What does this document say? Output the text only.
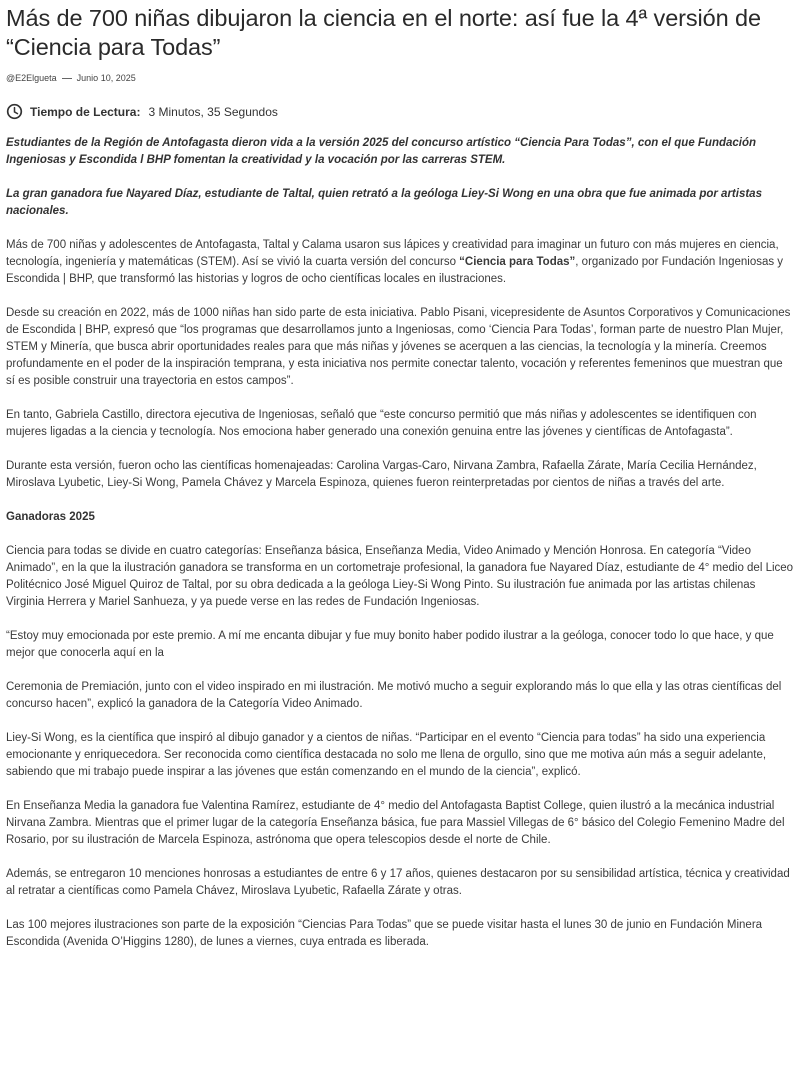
Más de 700 niñas dibujaron la ciencia en el norte: así fue la 4ª versión de “Ciencia para Todas”
@E2Elgueta Junio 10, 2025
Tiempo de Lectura: 3 Minutos, 35 Segundos

Estudiantes de la Región de Antofagasta dieron vida a la versión 2025 del concurso artístico “Ciencia Para Todas”, con el que Fundación Ingeniosas y Escondida l BHP fomentan la creatividad y la vocación por las carreras STEM.

La gran ganadora fue Nayared Díaz, estudiante de Taltal, quien retrató a la geóloga Liey-Si Wong en una obra que fue animada por artistas nacionales.

Más de 700 niñas y adolescentes de Antofagasta, Taltal y Calama usaron sus lápices y creatividad para imaginar un futuro con más mujeres en ciencia, tecnología, ingeniería y matemáticas (STEM). Así se vivió la cuarta versión del concurso “Ciencia para Todas”, organizado por Fundación Ingeniosas y Escondida | BHP, que transformó las historias y logros de ocho científicas locales en ilustraciones.

Desde su creación en 2022, más de 1000 niñas han sido parte de esta iniciativa. Pablo Pisani, vicepresidente de Asuntos Corporativos y Comunicaciones de Escondida | BHP, expresó que “los programas que desarrollamos junto a Ingeniosas, como ‘Ciencia Para Todas’, forman parte de nuestro Plan Mujer, STEM y Minería, que busca abrir oportunidades reales para que más niñas y jóvenes se acerquen a las ciencias, la tecnología y la minería. Creemos profundamente en el poder de la inspiración temprana, y esta iniciativa nos permite conectar talento, vocación y referentes femeninos que muestran que sí es posible construir una trayectoria en estos campos”.

En tanto, Gabriela Castillo, directora ejecutiva de Ingeniosas, señaló que “este concurso permitió que más niñas y adolescentes se identifiquen con mujeres ligadas a la ciencia y tecnología. Nos emociona haber generado una conexión genuina entre las jóvenes y científicas de Antofagasta”.

Durante esta versión, fueron ocho las científicas homenajeadas: Carolina Vargas-Caro, Nirvana Zambra, Rafaella Zárate, María Cecilia Hernández, Miroslava Lyubetic, Liey-Si Wong, Pamela Chávez y Marcela Espinoza, quienes fueron reinterpretadas por cientos de niñas a través del arte.

Ganadoras 2025

Ciencia para todas se divide en cuatro categorías: Enseñanza básica, Enseñanza Media, Video Animado y Mención Honrosa. En categoría “Video Animado”, en la que la ilustración ganadora se transforma en un cortometraje profesional, la ganadora fue Nayared Díaz, estudiante de 4° medio del Liceo Politécnico José Miguel Quiroz de Taltal, por su obra dedicada a la geóloga Liey-Si Wong Pinto. Su ilustración fue animada por las artistas chilenas Virginia Herrera y Mariel Sanhueza, y ya puede verse en las redes de Fundación Ingeniosas.

“Estoy muy emocionada por este premio. A mí me encanta dibujar y fue muy bonito haber podido ilustrar a la geóloga, conocer todo lo que hace, y que mejor que conocerla aquí en la

Ceremonia de Premiación, junto con el video inspirado en mi ilustración. Me motivó mucho a seguir explorando más lo que ella y las otras científicas del concurso hacen”, explicó la ganadora de la Categoría Video Animado.

Liey-Si Wong, es la científica que inspiró al dibujo ganador y a cientos de niñas. “Participar en el evento “Ciencia para todas” ha sido una experiencia emocionante y enriquecedora. Ser reconocida como científica destacada no solo me llena de orgullo, sino que me motiva aún más a seguir adelante, sabiendo que mi trabajo puede inspirar a las jóvenes que están comenzando en el mundo de la ciencia”, explicó.

En Enseñanza Media la ganadora fue Valentina Ramírez, estudiante de 4° medio del Antofagasta Baptist College, quien ilustró a la mecánica industrial Nirvana Zambra. Mientras que el primer lugar de la categoría Enseñanza básica, fue para Massiel Villegas de 6° básico del Colegio Femenino Madre del Rosario, por su ilustración de Marcela Espinoza, astrónoma que opera telescopios desde el norte de Chile.

Además, se entregaron 10 menciones honrosas a estudiantes de entre 6 y 17 años, quienes destacaron por su sensibilidad artística, técnica y creatividad al retratar a científicas como Pamela Chávez, Miroslava Lyubetic, Rafaella Zárate y otras.

Las 100 mejores ilustraciones son parte de la exposición “Ciencias Para Todas” que se puede visitar hasta el lunes 30 de junio en Fundación Minera Escondida (Avenida O’Higgins 1280), de lunes a viernes, cuya entrada es liberada.
